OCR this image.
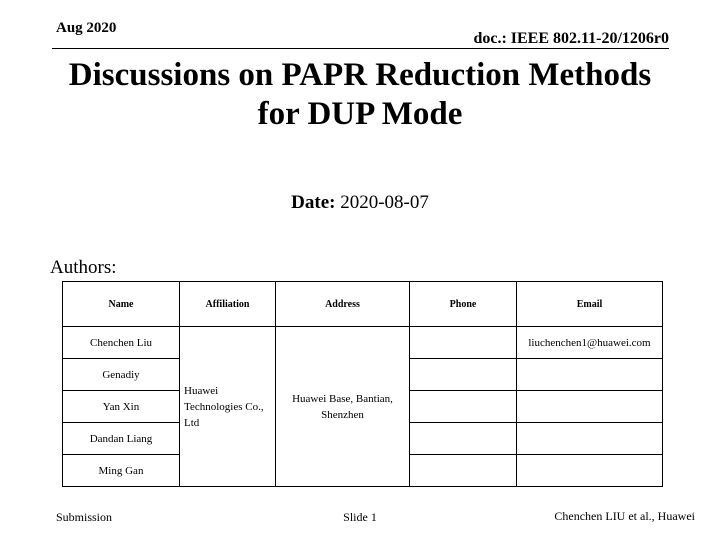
Aug 2020
doc.: IEEE 802.11-20/1206r0
Discussions on PAPR Reduction Methods
for DUP Mode
Date: 2020-08-07
Authors:
Name	Affiliation	Address	Phone	Email
Chenchen Liu	Huawei Technologies Co., Ltd	Huawei Base, Bantian, Shenzhen		liuchenchen1@huawei.com
Genadiy				
Yan Xin				
Dandan Liang				
Ming Gan				
Submission	Slide 1	Chenchen LIU et al., Huawei
